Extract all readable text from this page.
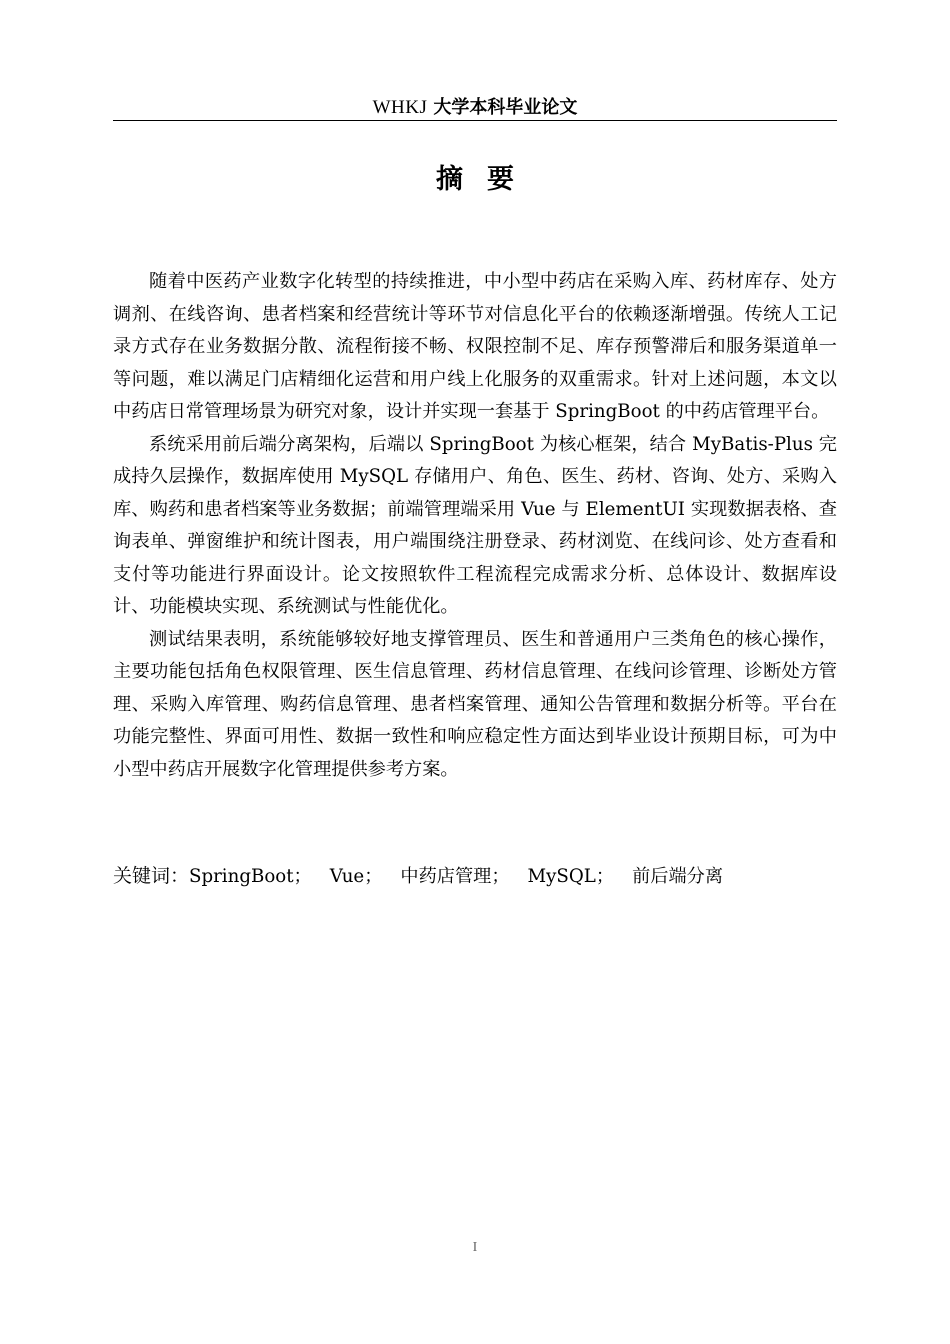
WHKJ 大学本科毕业论文
摘要

随着中医药产业数字化转型的持续推进，中小型中药店在采购入库、药材库存、处方调剂、在线咨询、患者档案和经营统计等环节对信息化平台的依赖逐渐增强。传统人工记录方式存在业务数据分散、流程衔接不畅、权限控制不足、库存预警滞后和服务渠道单一等问题，难以满足门店精细化运营和用户线上化服务的双重需求。针对上述问题，本文以中药店日常管理场景为研究对象，设计并实现一套基于 SpringBoot 的中药店管理平台。

系统采用前后端分离架构，后端以 SpringBoot 为核心框架，结合 MyBatis-Plus 完成持久层操作，数据库使用 MySQL 存储用户、角色、医生、药材、咨询、处方、采购入库、购药和患者档案等业务数据；前端管理端采用 Vue 与 ElementUI 实现数据表格、查询表单、弹窗维护和统计图表，用户端围绕注册登录、药材浏览、在线问诊、处方查看和支付等功能进行界面设计。论文按照软件工程流程完成需求分析、总体设计、数据库设计、功能模块实现、系统测试与性能优化。

测试结果表明，系统能够较好地支撑管理员、医生和普通用户三类角色的核心操作，主要功能包括角色权限管理、医生信息管理、药材信息管理、在线问诊管理、诊断处方管理、采购入库管理、购药信息管理、患者档案管理、通知公告管理和数据分析等。平台在功能完整性、界面可用性、数据一致性和响应稳定性方面达到毕业设计预期目标，可为中小型中药店开展数字化管理提供参考方案。

关键词：SpringBoot； Vue； 中药店管理； MySQL； 前后端分离
I
